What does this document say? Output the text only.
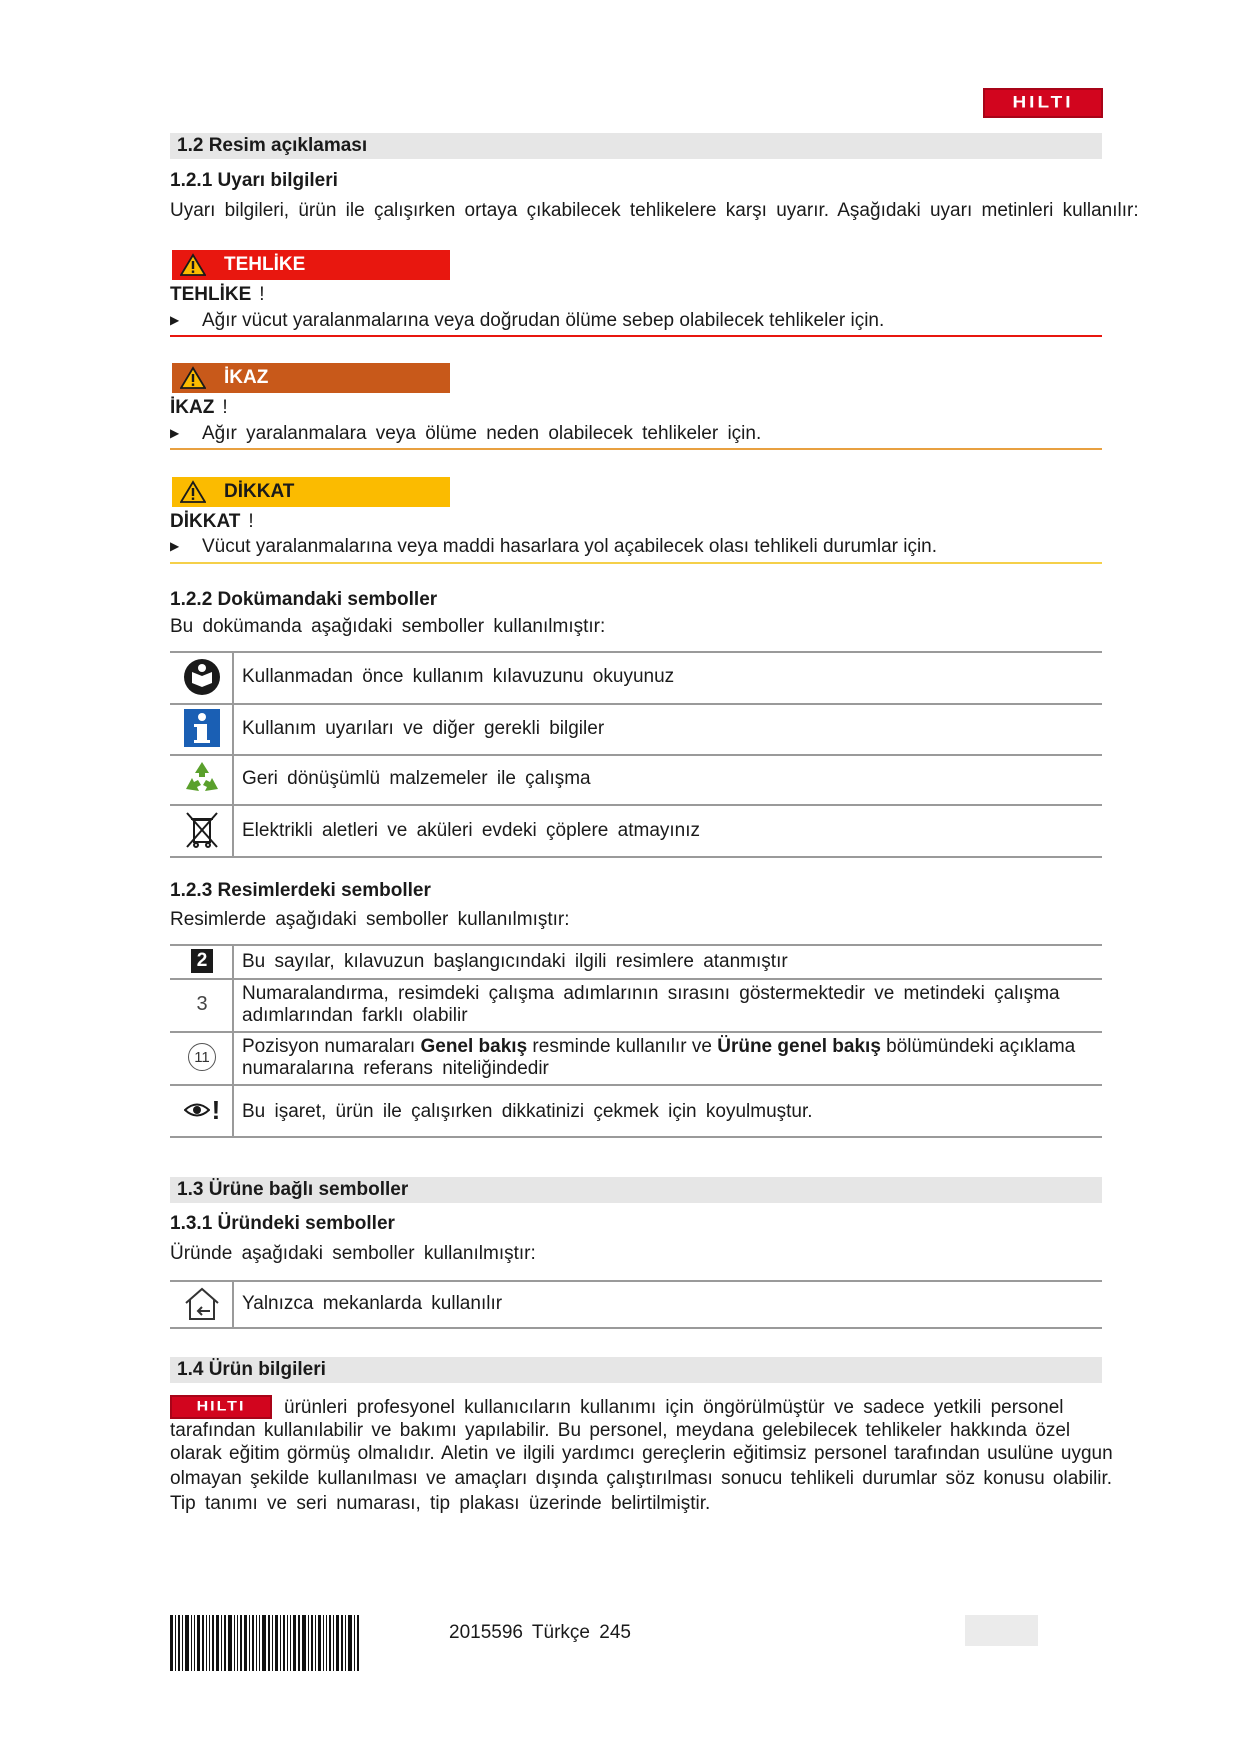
HILTI
1.2 Resim açıklaması
1.2.1 Uyarı bilgileri
Uyarı bilgileri, ürün ile çalışırken ortaya çıkabilecek tehlikelere karşı uyarır. Aşağıdaki uyarı metinleri kullanılır:
TEHLİKE
TEHLİKE !
▶ Ağır vücut yaralanmalarına veya doğrudan ölüme sebep olabilecek tehlikeler için.
İKAZ
İKAZ !
▶ Ağır yaralanmalara veya ölüme neden olabilecek tehlikeler için.
DİKKAT
DİKKAT !
▶ Vücut yaralanmalarına veya maddi hasarlara yol açabilecek olası tehlikeli durumlar için.
1.2.2 Dokümandaki semboller
Bu dokümanda aşağıdaki semboller kullanılmıştır:
Kullanmadan önce kullanım kılavuzunu okuyunuz
Kullanım uyarıları ve diğer gerekli bilgiler
Geri dönüşümlü malzemeler ile çalışma
Elektrikli aletleri ve aküleri evdeki çöplere atmayınız
1.2.3 Resimlerdeki semboller
Resimlerde aşağıdaki semboller kullanılmıştır:
2	Bu sayılar, kılavuzun başlangıcındaki ilgili resimlere atanmıştır
3 Numaralandırma, resimdeki çalışma adımlarının sırasını göstermektedir ve metindeki çalışma adımlarından farklı olabilir
11	Pozisyon numaraları Genel bakış resminde kullanılır ve Ürüne genel bakış bölümündeki açıklama
numaralarına referans niteliğindedir
! Bu işaret, ürün ile çalışırken dikkatinizi çekmek için koyulmuştur.
1.3 Ürüne bağlı semboller
1.3.1 Üründeki semboller
Üründe aşağıdaki semboller kullanılmıştır:
Yalnızca mekanlarda kullanılır
1.4 Ürün bilgileri
HILTI ürünleri profesyonel kullanıcıların kullanımı için öngörülmüştür ve sadece yetkili personel
tarafından kullanılabilir ve bakımı yapılabilir. Bu personel, meydana gelebilecek tehlikeler hakkında özel
olarak eğitim görmüş olmalıdır. Aletin ve ilgili yardımcı gereçlerin eğitimsiz personel tarafından usulüne uygun
olmayan şekilde kullanılması ve amaçları dışında çalıştırılması sonucu tehlikeli durumlar söz konusu olabilir.
Tip tanımı ve seri numarası, tip plakası üzerinde belirtilmiştir.
2015596 Türkçe 245
